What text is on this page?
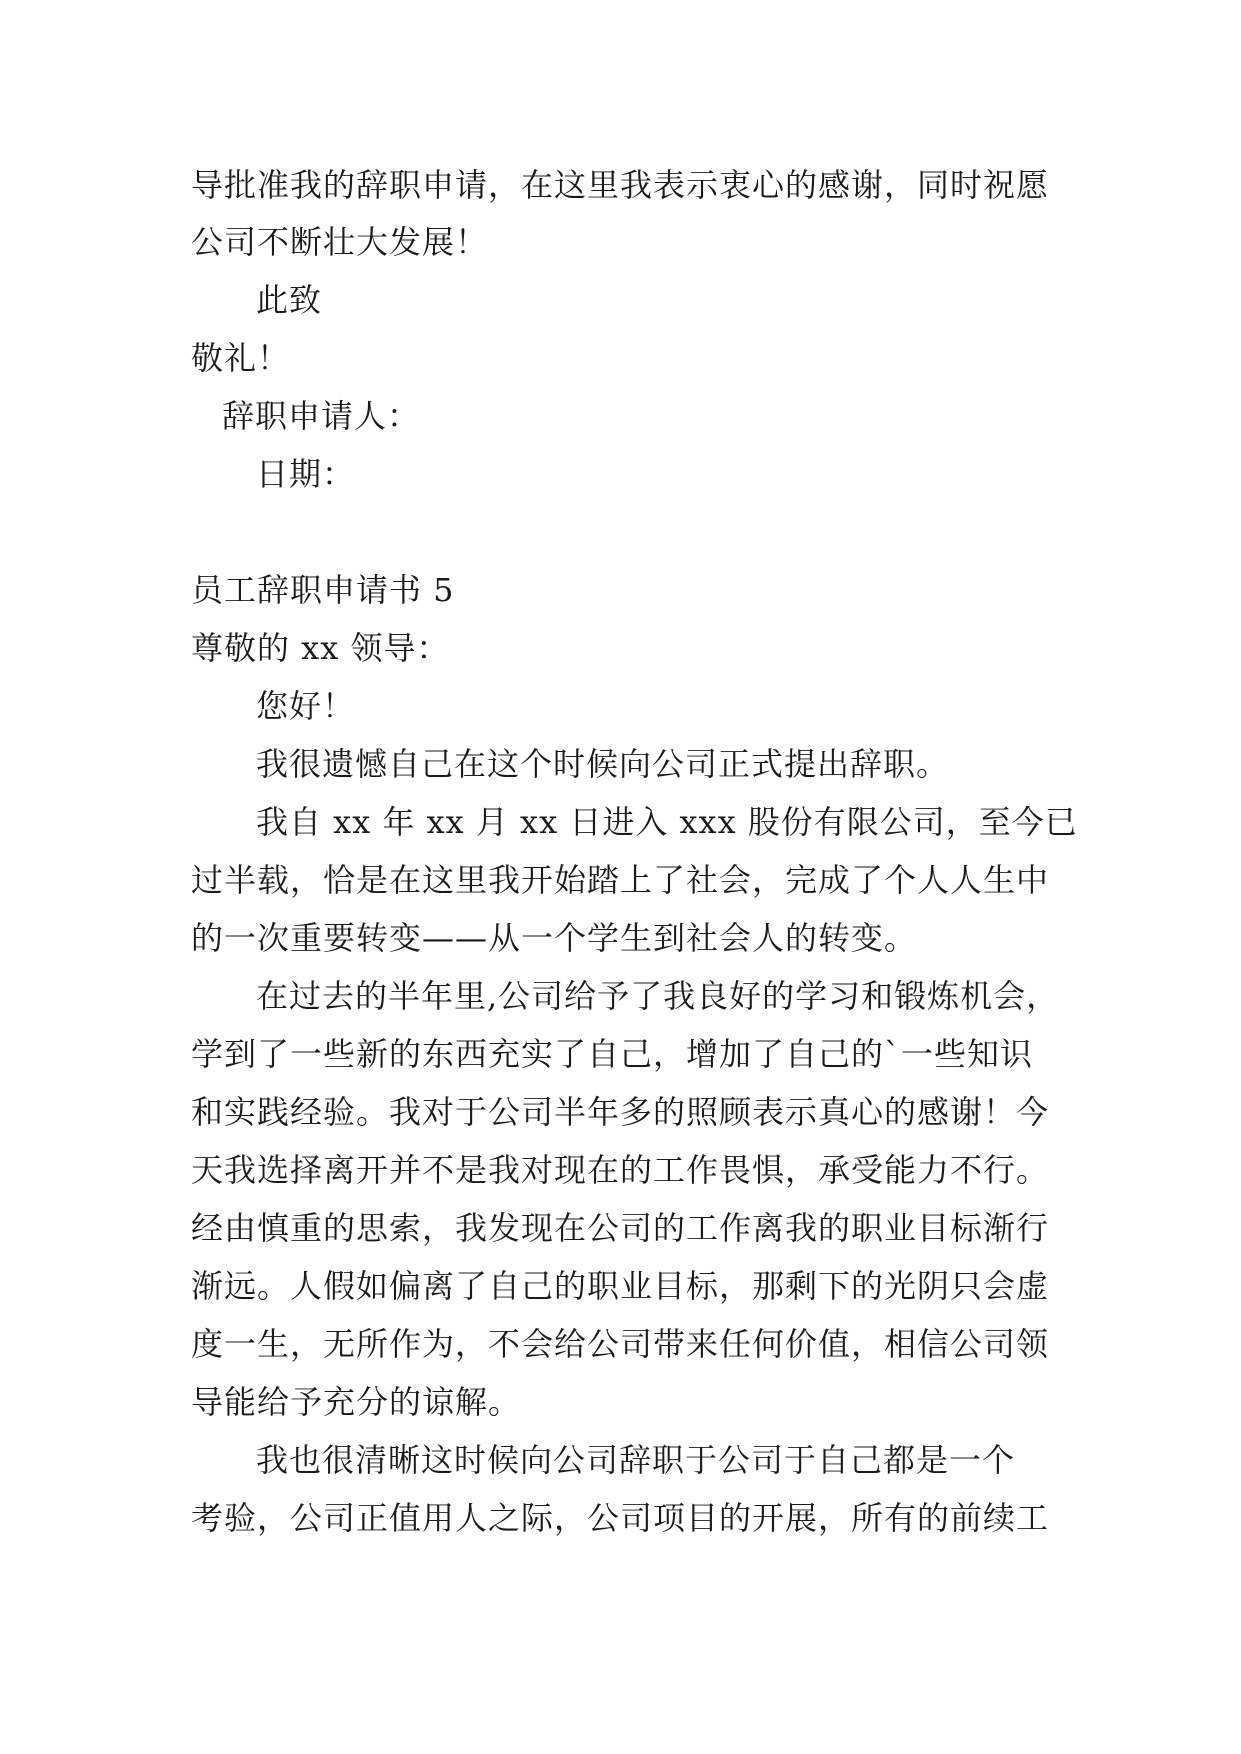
导批准我的辞职申请，在这里我表示衷心的感谢，同时祝愿
公司不断壮大发展！
此致
敬礼！
辞职申请人：
日期：
员工辞职申请书 5
尊敬的 xx 领导：
您好！
我很遗憾自己在这个时候向公司正式提出辞职。
我自 xx 年 xx 月 xx 日进入 xxx 股份有限公司，至今已
过半载，恰是在这里我开始踏上了社会，完成了个人人生中
的一次重要转变——从一个学生到社会人的转变。
在过去的半年里,公司给予了我良好的学习和锻炼机会，
学到了一些新的东西充实了自己，增加了自己的`一些知识
和实践经验。我对于公司半年多的照顾表示真心的感谢！今
天我选择离开并不是我对现在的工作畏惧，承受能力不行。
经由慎重的思索，我发现在公司的工作离我的职业目标渐行
渐远。人假如偏离了自己的职业目标，那剩下的光阴只会虚
度一生，无所作为，不会给公司带来任何价值，相信公司领
导能给予充分的谅解。
我也很清晰这时候向公司辞职于公司于自己都是一个
考验，公司正值用人之际，公司项目的开展，所有的前续工
